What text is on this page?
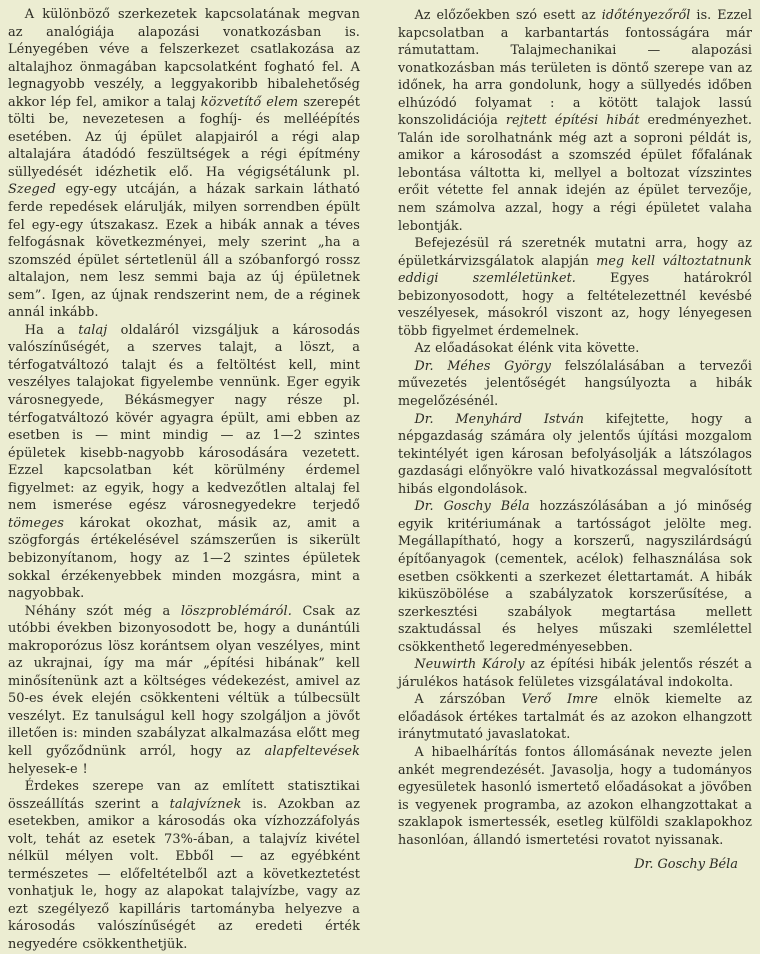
A különböző szerkezetek kapcsolatának megvan az analógiája alapozási vonatkozásban is. Lényegében véve a felszerkezet csatlakozása az altalajhoz önmagában kapcsolatként fogható fel. A legnagyobb veszély, a leggyakoribb hibalehetőség akkor lép fel, amikor a talaj közvetítő elem szerepét tölti be, nevezetesen a foghíj- és melléépítés esetében. Az új épület alapjairól a régi alap altalajára átadódó feszültségek a régi építmény süllyedését idézhetik elő. Ha végigsétálunk pl. Szeged egy-egy utcáján, a házak sarkain látható ferde repedések elárulják, milyen sorrendben épült fel egy-egy útszakasz. Ezek a hibák annak a téves felfogásnak következményei, mely szerint „ha a szomszéd épület sértetlenül áll a szóbanforgó rossz altalajon, nem lesz semmi baja az új épületnek sem”. Igen, az újnak rendszerint nem, de a réginek annál inkább.

Ha a talaj oldaláról vizsgáljuk a károsodás valószínűségét, a szerves talajt, a löszt, a térfogatváltozó talajt és a feltöltést kell, mint veszélyes talajokat figyelembe vennünk. Eger egyik városnegyede, Békásmegyer nagy része pl. térfogatváltozó kövér agyagra épült, ami ebben az esetben is — mint mindig — az 1—2 szintes épületek kisebb-nagyobb károsodására vezetett. Ezzel kapcsolatban két körülmény érdemel figyelmet: az egyik, hogy a kedvezőtlen altalaj fel nem ismerése egész városnegyedekre terjedő tömeges károkat okozhat, másik az, amit a szögforgás értékelésével számszerűen is sikerült bebizonyítanom, hogy az 1—2 szintes épületek sokkal érzékenyebbek minden mozgásra, mint a nagyobbak.

Néhány szót még a löszproblémáról. Csak az utóbbi években bizonyosodott be, hogy a dunántúli makroporózus lösz korántsem olyan veszélyes, mint az ukrajnai, így ma már „építési hibának” kell minősítenünk azt a költséges védekezést, amivel az 50-es évek elején csökkenteni véltük a túlbecsült veszélyt. Ez tanulságul kell hogy szolgáljon a jövőt illetően is: minden szabályzat alkalmazása előtt meg kell győződnünk arról, hogy az alapfeltevések helyesek-e !

Érdekes szerepe van az említett statisztikai összeállítás szerint a talajvíznek is. Azokban az esetekben, amikor a károsodás oka vízhozzáfolyás volt, tehát az esetek 73%-ában, a talajvíz kivétel nélkül mélyen volt. Ebből — az egyébként természetes — előfeltételből azt a következtetést vonhatjuk le, hogy az alapokat talajvízbe, vagy az ezt szegélyező kapilláris tartományba helyezve a károsodás valószínűségét az eredeti érték negyedére csökkenthetjük.

Az előzőekben szó esett az időtényezőről is. Ezzel kapcsolatban a karbantartás fontosságára már rámutattam. Talajmechanikai — alapozási vonatkozásban más területen is döntő szerepe van az időnek, ha arra gondolunk, hogy a süllyedés időben elhúzódó folyamat : a kötött talajok lassú konszolidációja rejtett építési hibát eredményezhet. Talán ide sorolhatnánk még azt a soproni példát is, amikor a károsodást a szomszéd épület főfalának lebontása váltotta ki, mellyel a boltozat vízszintes erőit vétette fel annak idején az épület tervezője, nem számolva azzal, hogy a régi épületet valaha lebontják.

Befejezésül rá szeretnék mutatni arra, hogy az épületkárvizsgálatok alapján meg kell változtatnunk eddigi szemléletünket. Egyes határokról bebizonyosodott, hogy a feltételezettnél kevésbé veszélyesek, másokról viszont az, hogy lényegesen több figyelmet érdemelnek.

Az előadásokat élénk vita követte.

Dr. Méhes György felszólalásában a tervezői művezetés jelentőségét hangsúlyozta a hibák megelőzésénél.

Dr. Menyhárd István kifejtette, hogy a népgazdaság számára oly jelentős újítási mozgalom tekintélyét igen károsan befolyásolják a látszólagos gazdasági előnyökre való hivatkozással megvalósított hibás elgondolások.

Dr. Goschy Béla hozzászólásában a jó minőség egyik kritériumának a tartósságot jelölte meg. Megállapítható, hogy a korszerű, nagyszilárdságú építőanyagok (cementek, acélok) felhasználása sok esetben csökkenti a szerkezet élettartamát. A hibák kiküszöbölése a szabályzatok korszerűsítése, a szerkesztési szabályok megtartása mellett szaktudással és helyes műszaki szemlélettel csökkenthető legeredményesebben.

Neuwirth Károly az építési hibák jelentős részét a járulékos hatások felületes vizsgálatával indokolta.

A zárszóban Verő Imre elnök kiemelte az előadások értékes tartalmát és az azokon elhangzott iránytmutató javaslatokat.

A hibaelhárítás fontos állomásának nevezte jelen ankét megrendezését. Javasolja, hogy a tudományos egyesületek hasonló ismertető előadásokat a jövőben is vegyenek programba, az azokon elhangzottakat a szaklapok ismertessék, esetleg külföldi szaklapokhoz hasonlóan, állandó ismertetési rovatot nyissanak.

Dr. Goschy Béla
